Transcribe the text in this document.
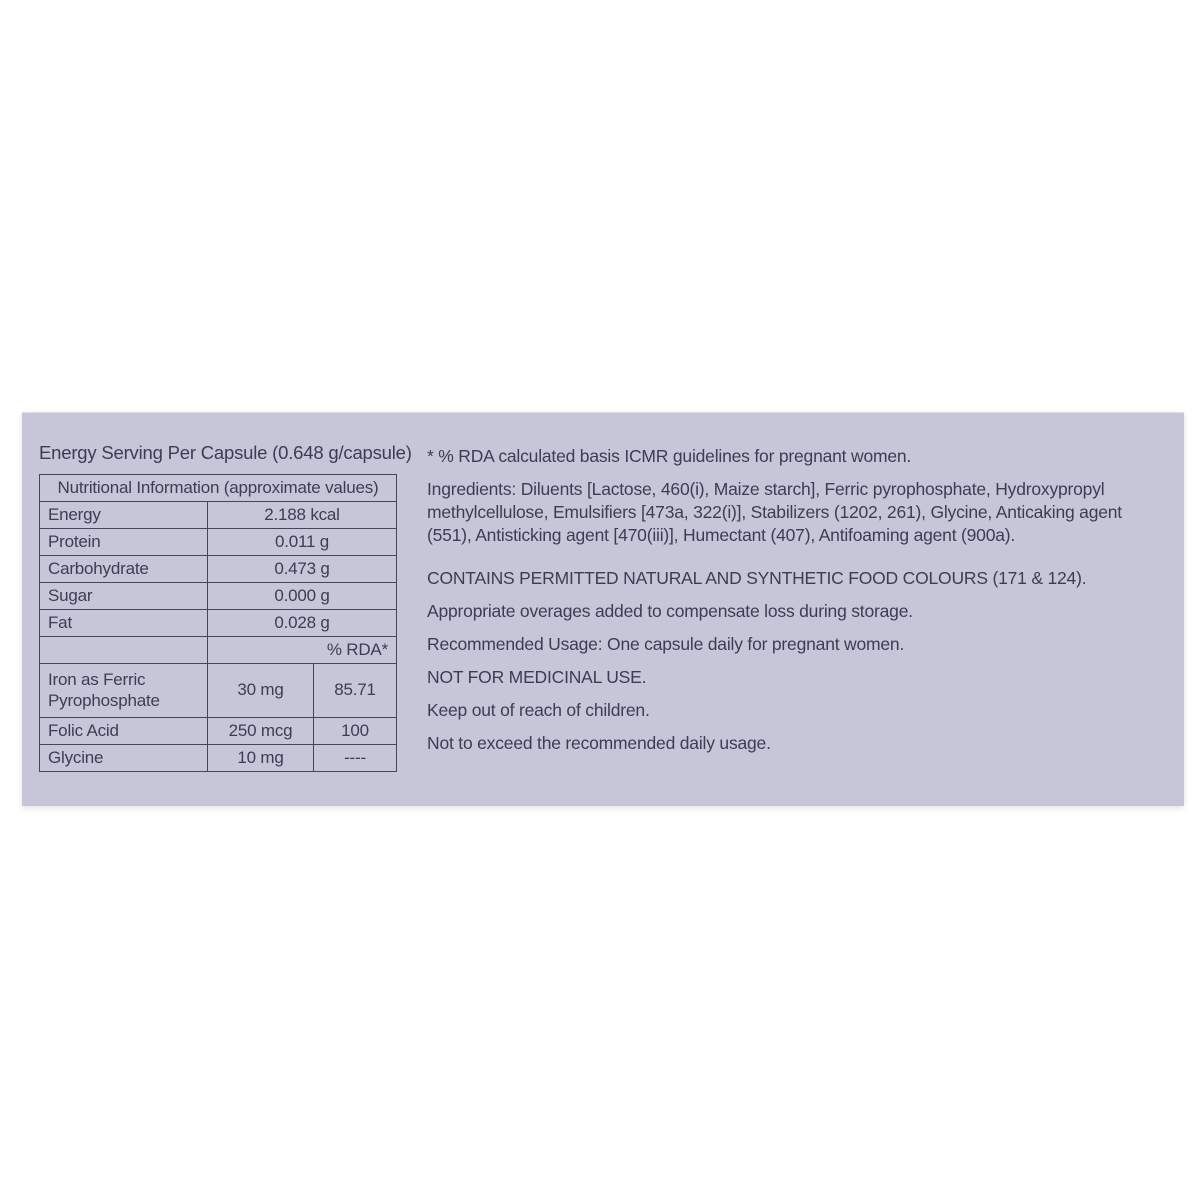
Energy Serving Per Capsule (0.648 g/capsule)
Nutritional Information (approximate values)		
Energy	2.188 kcal	
Protein	0.011 g	
Carbohydrate	0.473 g	
Sugar	0.000 g	
Fat	0.028 g	
	% RDA*	
Iron as Ferric Pyrophosphate	30 mg	85.71
Folic Acid	250 mcg	100
Glycine	10 mg	----

* % RDA calculated basis ICMR guidelines for pregnant women.

Ingredients: Diluents [Lactose, 460(i), Maize starch], Ferric pyrophosphate, Hydroxypropyl methylcellulose, Emulsifiers [473a, 322(i)], Stabilizers (1202, 261), Glycine, Anticaking agent (551), Antisticking agent [470(iii)], Humectant (407), Antifoaming agent (900a).

CONTAINS PERMITTED NATURAL AND SYNTHETIC FOOD COLOURS (171 & 124).

Appropriate overages added to compensate loss during storage.

Recommended Usage: One capsule daily for pregnant women.

NOT FOR MEDICINAL USE.

Keep out of reach of children.

Not to exceed the recommended daily usage.
